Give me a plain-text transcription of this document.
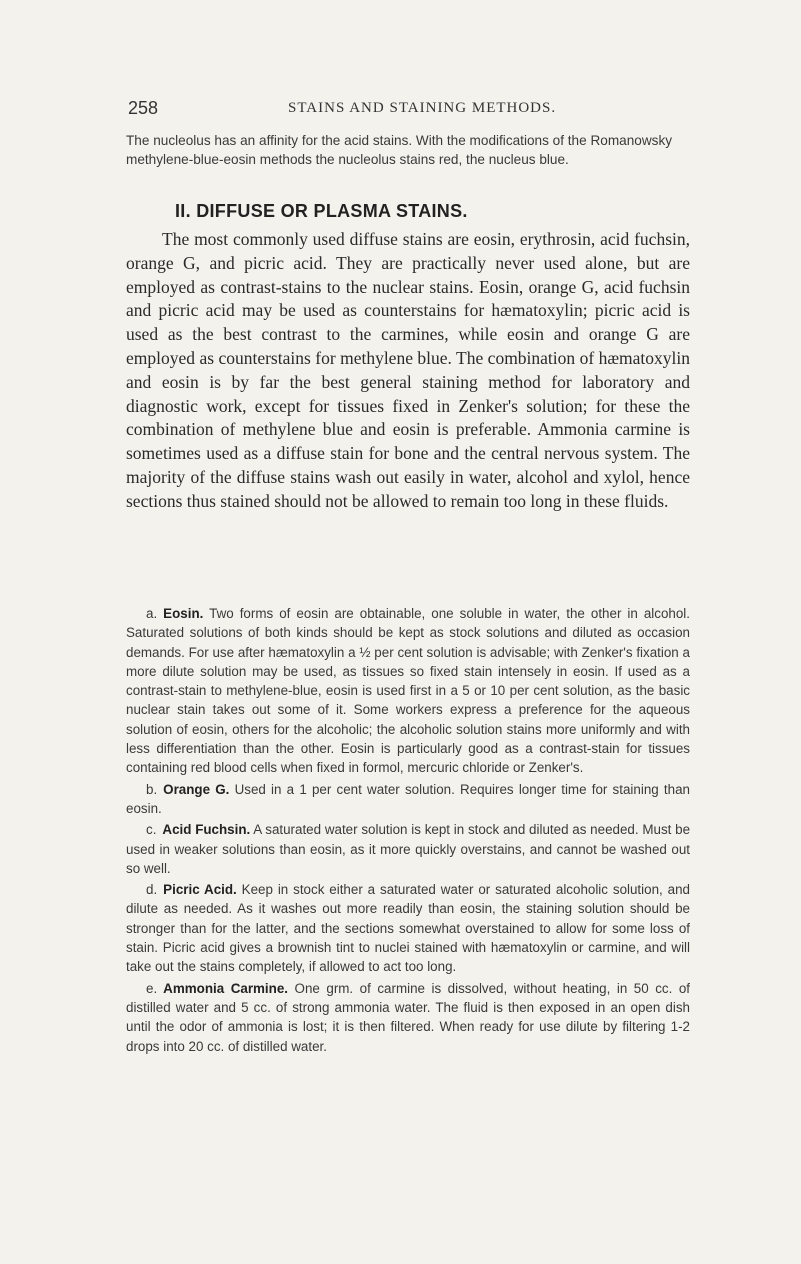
258	STAINS AND STAINING METHODS.

The nucleolus has an affinity for the acid stains. With the modifications of the Romanowsky methylene-blue-eosin methods the nucleolus stains red, the nucleus blue.

II. DIFFUSE OR PLASMA STAINS.

The most commonly used diffuse stains are eosin, erythrosin, acid fuchsin, orange G, and picric acid. They are practically never used alone, but are employed as contrast-stains to the nuclear stains. Eosin, orange G, acid fuchsin and picric acid may be used as counterstains for hæmatoxylin; picric acid is used as the best contrast to the carmines, while eosin and orange G are employed as counterstains for methylene blue. The combination of hæmatoxylin and eosin is by far the best general staining method for laboratory and diagnostic work, except for tissues fixed in Zenker's solution; for these the combination of methylene blue and eosin is preferable. Ammonia carmine is sometimes used as a diffuse stain for bone and the central nervous system. The majority of the diffuse stains wash out easily in water, alcohol and xylol, hence sections thus stained should not be allowed to remain too long in these fluids.

a. Eosin. Two forms of eosin are obtainable, one soluble in water, the other in alcohol. Saturated solutions of both kinds should be kept as stock solutions and diluted as occasion demands. For use after hæmatoxylin a ½ per cent solution is advisable; with Zenker's fixation a more dilute solution may be used, as tissues so fixed stain intensely in eosin. If used as a contrast-stain to methylene-blue, eosin is used first in a 5 or 10 per cent solution, as the basic nuclear stain takes out some of it. Some workers express a preference for the aqueous solution of eosin, others for the alcoholic; the alcoholic solution stains more uniformly and with less differentiation than the other. Eosin is particularly good as a contrast-stain for tissues containing red blood cells when fixed in formol, mercuric chloride or Zenker's.

b. Orange G. Used in a 1 per cent water solution. Requires longer time for staining than eosin.

c. Acid Fuchsin. A saturated water solution is kept in stock and diluted as needed. Must be used in weaker solutions than eosin, as it more quickly overstains, and cannot be washed out so well.

d. Picric Acid. Keep in stock either a saturated water or saturated alcoholic solution, and dilute as needed. As it washes out more readily than eosin, the staining solution should be stronger than for the latter, and the sections somewhat overstained to allow for some loss of stain. Picric acid gives a brownish tint to nuclei stained with hæmatoxylin or carmine, and will take out the stains completely, if allowed to act too long.

e. Ammonia Carmine. One grm. of carmine is dissolved, without heating, in 50 cc. of distilled water and 5 cc. of strong ammonia water. The fluid is then exposed in an open dish until the odor of ammonia is lost; it is then filtered. When ready for use dilute by filtering 1-2 drops into 20 cc. of distilled water.
